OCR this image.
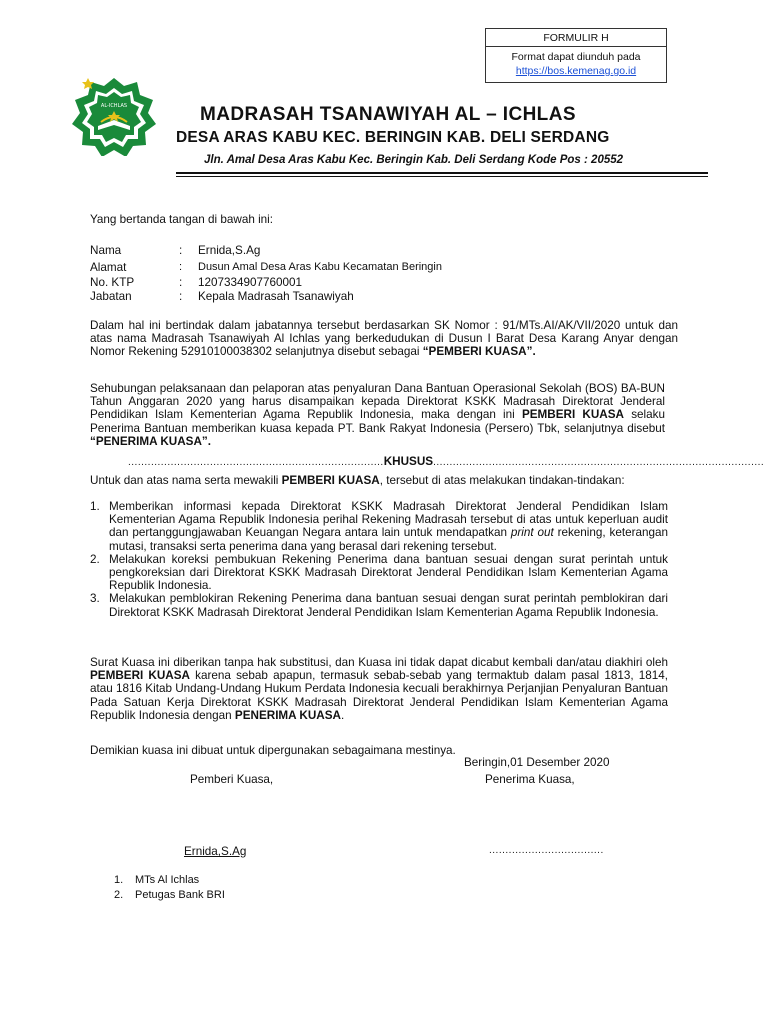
FORMULIR H
Format dapat diunduh pada
https://bos.kemenag.go.id
AL-ICHLAS	MADRASAH TSANAWIYAH AL – ICHLAS
DESA ARAS KABU KEC. BERINGIN KAB. DELI SERDANG
Jln. Amal Desa Aras Kabu Kec. Beringin Kab. Deli Serdang Kode Pos : 20552
Yang bertanda tangan di bawah ini:
Nama	: Ernida,S.Ag
Alamat	: Dusun Amal Desa Aras Kabu Kecamatan Beringin
No. KTP	: 1207334907760001
Jabatan	: Kepala Madrasah Tsanawiyah
Dalam hal ini bertindak dalam jabatannya tersebut berdasarkan SK Nomor : 91/MTs.AI/AK/VII/2020 untuk dan atas nama Madrasah Tsanawiyah Al Ichlas yang berkedudukan di Dusun I Barat Desa Karang Anyar dengan Nomor Rekening 52910100038302 selanjutnya disebut sebagai “PEMBERI KUASA”.
Sehubungan pelaksanaan dan pelaporan atas penyaluran Dana Bantuan Operasional Sekolah (BOS) BA-BUN Tahun Anggaran 2020 yang harus disampaikan kepada Direktorat KSKK Madrasah Direktorat Jenderal Pendidikan Islam Kementerian Agama Republik Indonesia, maka dengan ini PEMBERI KUASA selaku Penerima Bantuan memberikan kuasa kepada PT. Bank Rakyat Indonesia (Persero) Tbk, selanjutnya disebut “PENERIMA KUASA”.
..............................................................................KHUSUS.....................................................................................................
Untuk dan atas nama serta mewakili PEMBERI KUASA, tersebut di atas melakukan tindakan-tindakan:
1. Memberikan informasi kepada Direktorat KSKK Madrasah Direktorat Jenderal Pendidikan Islam Kementerian Agama Republik Indonesia perihal Rekening Madrasah tersebut di atas untuk keperluan audit dan pertanggungjawaban Keuangan Negara antara lain untuk mendapatkan print out rekening, keterangan mutasi, transaksi serta penerima dana yang berasal dari rekening tersebut.
2. Melakukan koreksi pembukuan Rekening Penerima dana bantuan sesuai dengan surat perintah untuk pengkoreksian dari Direktorat KSKK Madrasah Direktorat Jenderal Pendidikan Islam Kementerian Agama Republik Indonesia.
3. Melakukan pemblokiran Rekening Penerima dana bantuan sesuai dengan surat perintah pemblokiran dari Direktorat KSKK Madrasah Direktorat Jenderal Pendidikan Islam Kementerian Agama Republik Indonesia.
Surat Kuasa ini diberikan tanpa hak substitusi, dan Kuasa ini tidak dapat dicabut kembali dan/atau diakhiri oleh PEMBERI KUASA karena sebab apapun, termasuk sebab-sebab yang termaktub dalam pasal 1813, 1814, atau 1816 Kitab Undang-Undang Hukum Perdata Indonesia kecuali berakhirnya Perjanjian Penyaluran Bantuan Pada Satuan Kerja Direktorat KSKK Madrasah Direktorat Jenderal Pendidikan Islam Kementerian Agama Republik Indonesia dengan PENERIMA KUASA.
Demikian kuasa ini dibuat untuk dipergunakan sebagaimana mestinya.
Beringin,01 Desember 2020
Pemberi Kuasa,	Penerima Kuasa,
Ernida,S.Ag	...................................
1. MTs Al Ichlas
2. Petugas Bank BRI
